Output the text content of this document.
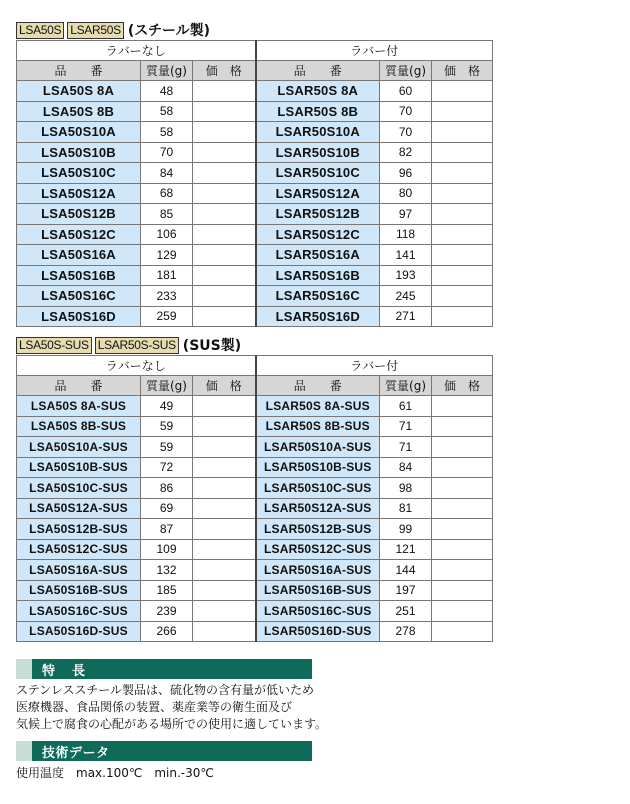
LSA50S LSAR50S (スチール製)
ラバーなし			ラバー付		
品　　番	質量(g)	価　格	品　　番	質量(g)	価　格
LSA50S 8A	48		LSAR50S 8A	60	
LSA50S 8B	58		LSAR50S 8B	70	
LSA50S10A	58		LSAR50S10A	70	
LSA50S10B	70		LSAR50S10B	82	
LSA50S10C	84		LSAR50S10C	96	
LSA50S12A	68		LSAR50S12A	80	
LSA50S12B	85		LSAR50S12B	97	
LSA50S12C	106		LSAR50S12C	118	
LSA50S16A	129		LSAR50S16A	141	
LSA50S16B	181		LSAR50S16B	193	
LSA50S16C	233		LSAR50S16C	245	
LSA50S16D	259		LSAR50S16D	271	
LSA50S-SUS LSAR50S-SUS (SUS製)
ラバーなし			ラバー付		
品　　番	質量(g)	価　格	品　　番	質量(g)	価　格
LSA50S 8A-SUS	49		LSAR50S 8A-SUS	61	
LSA50S 8B-SUS	59		LSAR50S 8B-SUS	71	
LSA50S10A-SUS	59		LSAR50S10A-SUS	71	
LSA50S10B-SUS	72		LSAR50S10B-SUS	84	
LSA50S10C-SUS	86		LSAR50S10C-SUS	98	
LSA50S12A-SUS	69		LSAR50S12A-SUS	81	
LSA50S12B-SUS	87		LSAR50S12B-SUS	99	
LSA50S12C-SUS	109		LSAR50S12C-SUS	121	
LSA50S16A-SUS	132		LSAR50S16A-SUS	144	
LSA50S16B-SUS	185		LSAR50S16B-SUS	197	
LSA50S16C-SUS	239		LSAR50S16C-SUS	251	
LSA50S16D-SUS	266		LSAR50S16D-SUS	278	
特　長
ステンレススチール製品は、硫化物の含有量が低いため
医療機器、食品関係の装置、薬産業等の衛生面及び
気候上で腐食の心配がある場所での使用に適しています。
技術データ
使用温度　max.100℃　min.-30℃
